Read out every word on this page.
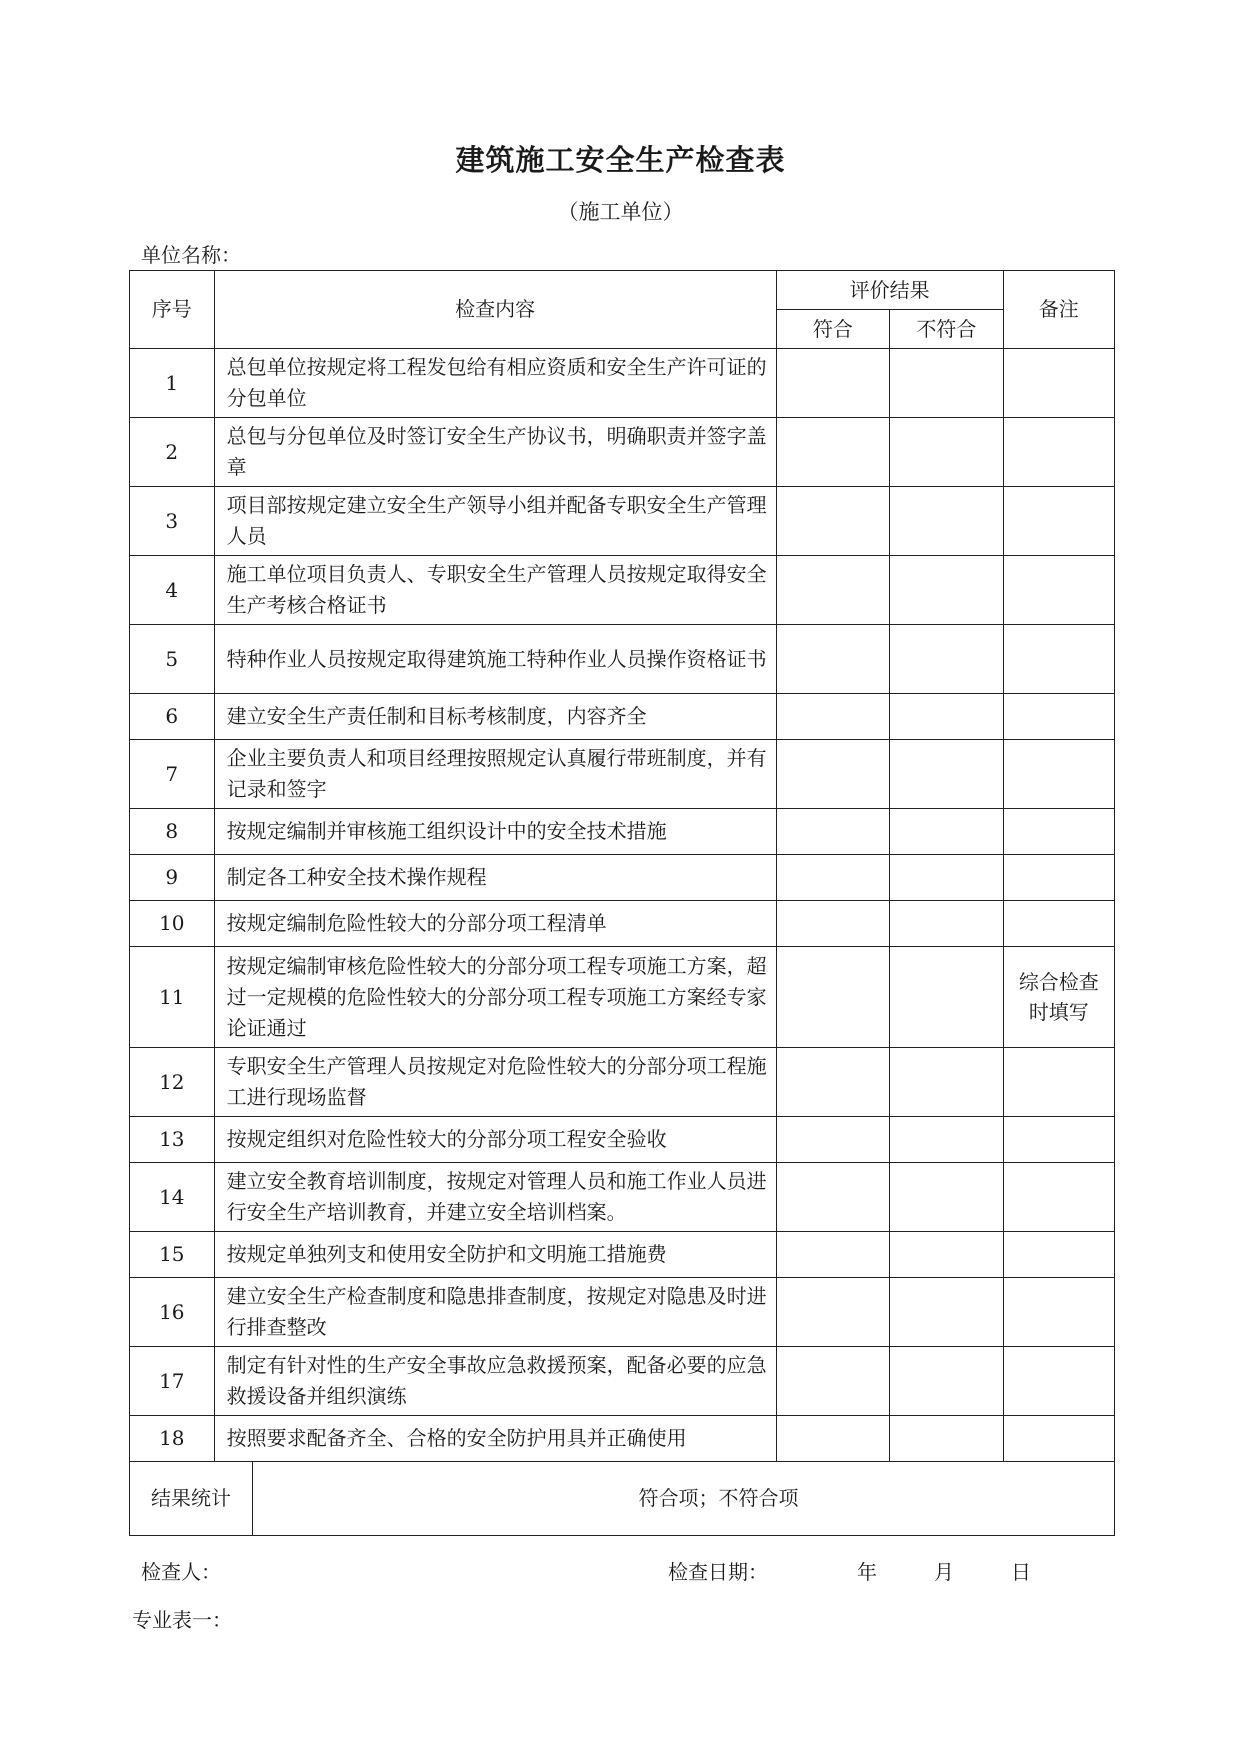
建筑施工安全生产检查表
（施工单位）
单位名称：
序号	检查内容		评价结果		备注
			符合	不符合	
1	总包单位按规定将工程发包给有相应资质和安全生产许可证的分包单位				
2	总包与分包单位及时签订安全生产协议书，明确职责并签字盖章				
3	项目部按规定建立安全生产领导小组并配备专职安全生产管理人员				
4	施工单位项目负责人、专职安全生产管理人员按规定取得安全生产考核合格证书				
5	特种作业人员按规定取得建筑施工特种作业人员操作资格证书				
6	建立安全生产责任制和目标考核制度，内容齐全				
7	企业主要负责人和项目经理按照规定认真履行带班制度，并有记录和签字				
8	按规定编制并审核施工组织设计中的安全技术措施				
9	制定各工种安全技术操作规程				
10	按规定编制危险性较大的分部分项工程清单				
11	按规定编制审核危险性较大的分部分项工程专项施工方案，超过一定规模的危险性较大的分部分项工程专项施工方案经专家论证通过				综合检查时填写
12	专职安全生产管理人员按规定对危险性较大的分部分项工程施工进行现场监督				
13	按规定组织对危险性较大的分部分项工程安全验收				
14	建立安全教育培训制度，按规定对管理人员和施工作业人员进行安全生产培训教育，并建立安全培训档案。				
15	按规定单独列支和使用安全防护和文明施工措施费				
16	建立安全生产检查制度和隐患排查制度，按规定对隐患及时进行排查整改				
17	制定有针对性的生产安全事故应急救援预案，配备必要的应急救援设备并组织演练				
18	按照要求配备齐全、合格的安全防护用具并正确使用				
结果统计		符合项；不符合项			
检查人：	检查日期：	年	月	日
专业表一：
